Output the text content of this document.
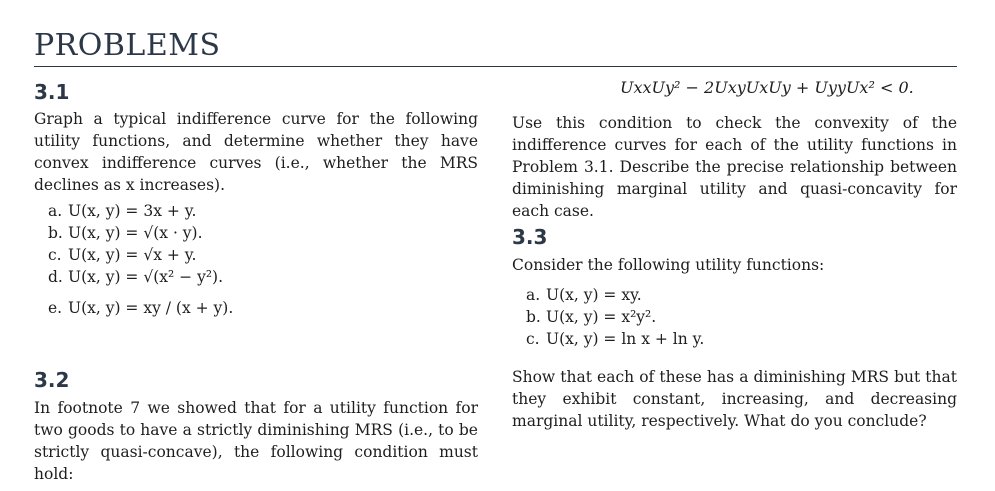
PROBLEMS
3.1

Graph a typical indifference curve for the following utility functions, and determine whether they have convex indifference curves (i.e., whether the MRS declines as x increases).

a. U(x, y) = 3x + y.
b. U(x, y) = √(x · y).
c. U(x, y) = √x + y.
d. U(x, y) = √(x² − y²).
e. U(x, y) = xy / (x + y).
3.2

In footnote 7 we showed that for a utility function for two goods to have a strictly diminishing MRS (i.e., to be strictly quasi-concave), the following condition must hold:

UxxUy² − 2UxyUxUy + UyyUx² < 0.

Use this condition to check the convexity of the indifference curves for each of the utility functions in Problem 3.1. Describe the precise relationship between diminishing marginal utility and quasi-concavity for each case.

3.3

Consider the following utility functions:

a. U(x, y) = xy.
b. U(x, y) = x²y².
c. U(x, y) = ln x + ln y.

Show that each of these has a diminishing MRS but that they exhibit constant, increasing, and decreasing marginal utility, respectively. What do you conclude?
